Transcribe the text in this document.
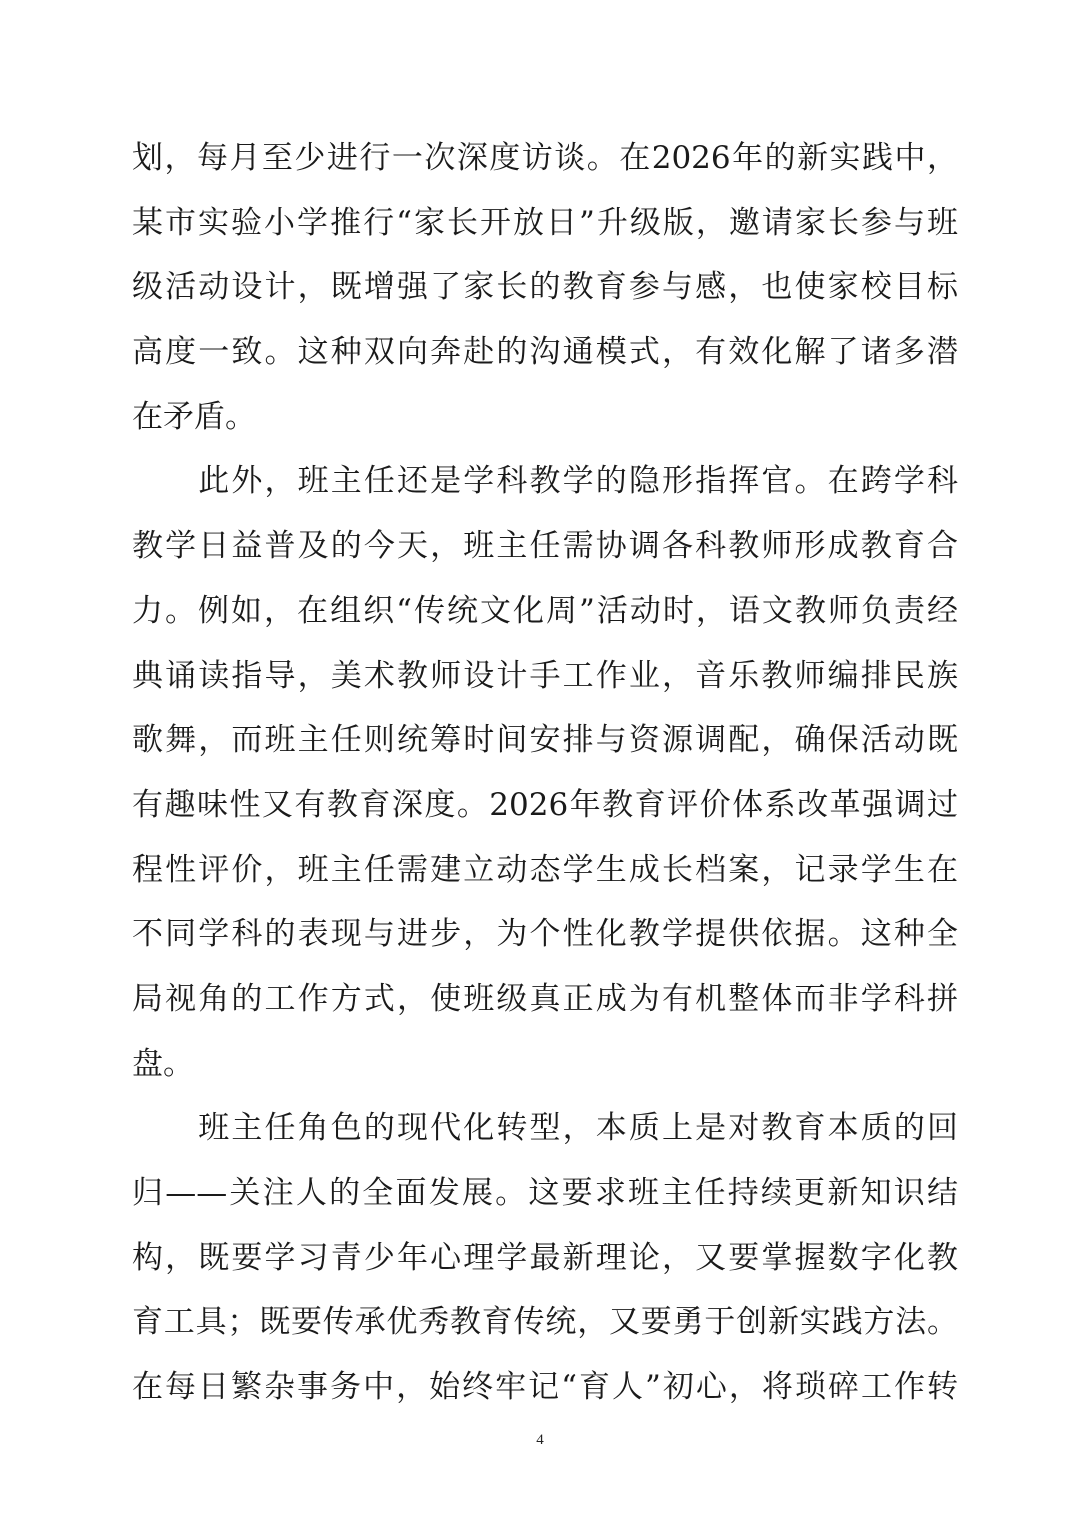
划，每月至少进行一次深度访谈。在2026年的新实践中，
某市实验小学推行“家长开放日”升级版，邀请家长参与班
级活动设计，既增强了家长的教育参与感，也使家校目标
高度一致。这种双向奔赴的沟通模式，有效化解了诸多潜
在矛盾。
　　此外，班主任还是学科教学的隐形指挥官。在跨学科
教学日益普及的今天，班主任需协调各科教师形成教育合
力。例如，在组织“传统文化周”活动时，语文教师负责经
典诵读指导，美术教师设计手工作业，音乐教师编排民族
歌舞，而班主任则统筹时间安排与资源调配，确保活动既
有趣味性又有教育深度。2026年教育评价体系改革强调过
程性评价，班主任需建立动态学生成长档案，记录学生在
不同学科的表现与进步，为个性化教学提供依据。这种全
局视角的工作方式，使班级真正成为有机整体而非学科拼
盘。
　　班主任角色的现代化转型，本质上是对教育本质的回
归——关注人的全面发展。这要求班主任持续更新知识结
构，既要学习青少年心理学最新理论，又要掌握数字化教
育工具；既要传承优秀教育传统，又要勇于创新实践方法。
在每日繁杂事务中，始终牢记“育人”初心，将琐碎工作转
4
